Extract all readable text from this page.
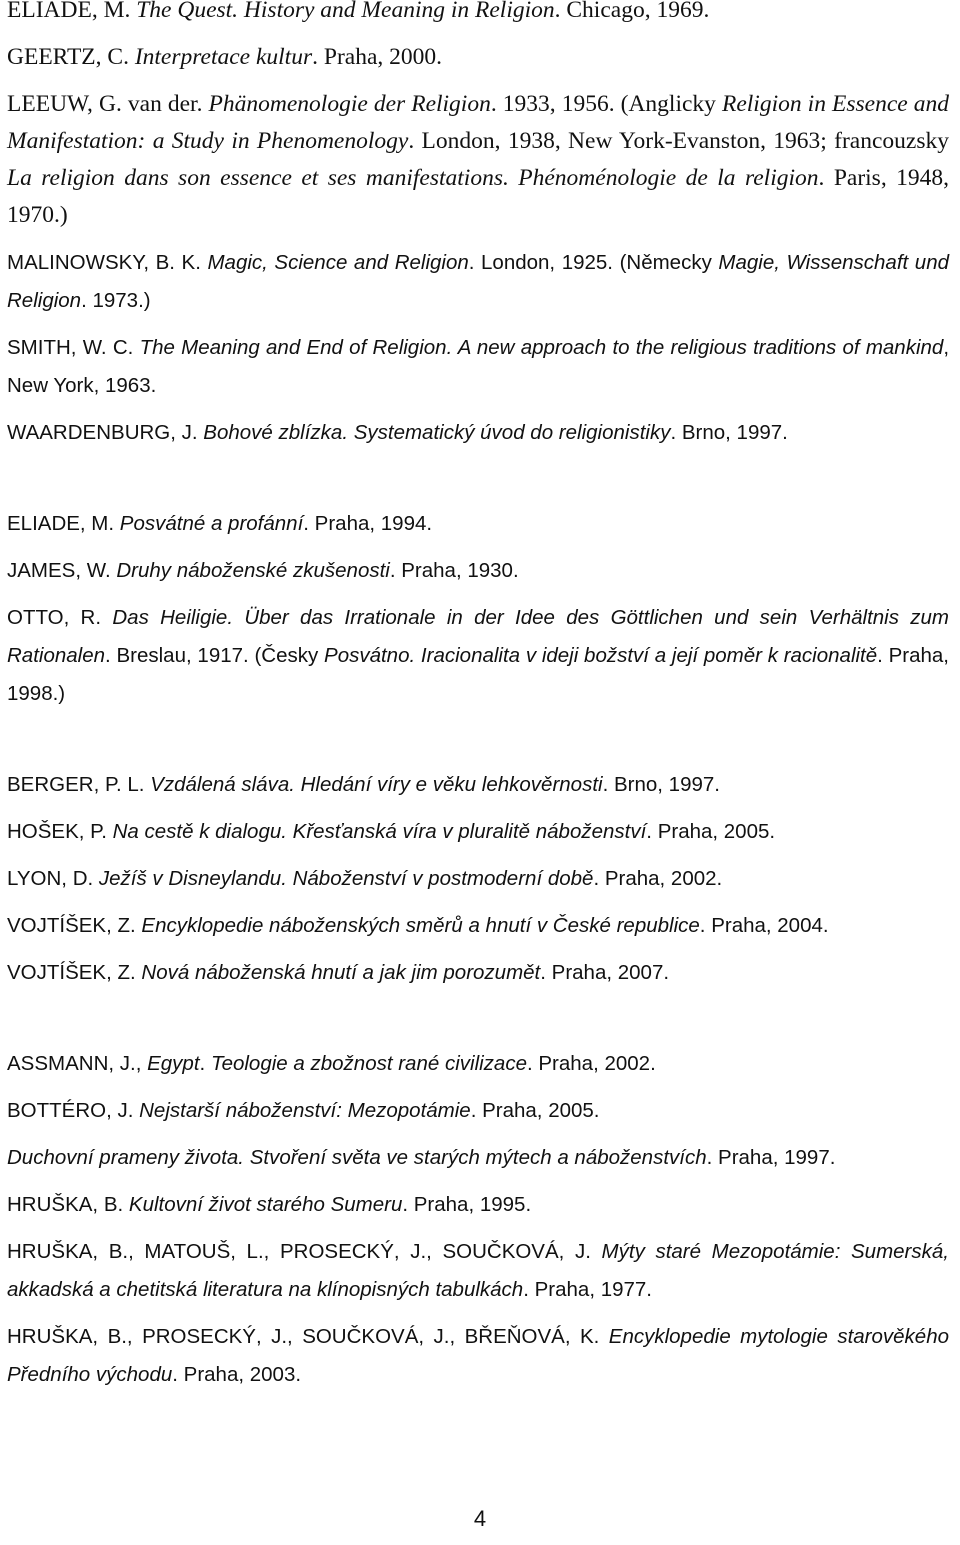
ELIADE, M. The Quest. History and Meaning in Religion. Chicago, 1969.
GEERTZ, C. Interpretace kultur. Praha, 2000.
LEEUW, G. van der. Phänomenologie der Religion. 1933, 1956. (Anglicky Religion in Essence and Manifestation: a Study in Phenomenology. London, 1938, New York-Evanston, 1963; francouzsky La religion dans son essence et ses manifestations. Phénoménologie de la religion. Paris, 1948, 1970.)
MALINOWSKY, B. K. Magic, Science and Religion. London, 1925. (Německy Magie, Wissenschaft und Religion. 1973.)
SMITH, W. C. The Meaning and End of Religion. A new approach to the religious traditions of mankind, New York, 1963.
WAARDENBURG, J. Bohové zblízka. Systematický úvod do religionistiky. Brno, 1997.
ELIADE, M. Posvátné a profánní. Praha, 1994.
JAMES, W. Druhy náboženské zkušenosti. Praha, 1930.
OTTO, R. Das Heiligie. Über das Irrationale in der Idee des Göttlichen und sein Verhältnis zum Rationalen. Breslau, 1917. (Česky Posvátno. Iracionalita v ideji božství a její poměr k racionalitě. Praha, 1998.)
BERGER, P. L. Vzdálená sláva. Hledání víry e věku lehkověrnosti. Brno, 1997.
HOŠEK, P. Na cestě k dialogu. Křesťanská víra v pluralitě náboženství. Praha, 2005.
LYON, D. Ježíš v Disneylandu. Náboženství v postmoderní době. Praha, 2002.
VOJTÍŠEK, Z. Encyklopedie náboženských směrů a hnutí v České republice. Praha, 2004.
VOJTÍŠEK, Z. Nová náboženská hnutí a jak jim porozumět. Praha, 2007.
ASSMANN, J., Egypt. Teologie a zbožnost rané civilizace. Praha, 2002.
BOTTÉRO, J. Nejstarší náboženství: Mezopotámie. Praha, 2005.
Duchovní prameny života. Stvoření světa ve starých mýtech a náboženstvích. Praha, 1997.
HRUŠKA, B. Kultovní život starého Sumeru. Praha, 1995.
HRUŠKA, B., MATOUŠ, L., PROSECKÝ, J., SOUČKOVÁ, J. Mýty staré Mezopotámie: Sumerská, akkadská a chetitská literatura na klínopisných tabulkách. Praha, 1977.
HRUŠKA, B., PROSECKÝ, J., SOUČKOVÁ, J., BŘEŇOVÁ, K. Encyklopedie mytologie starověkého Předního východu. Praha, 2003.
4
